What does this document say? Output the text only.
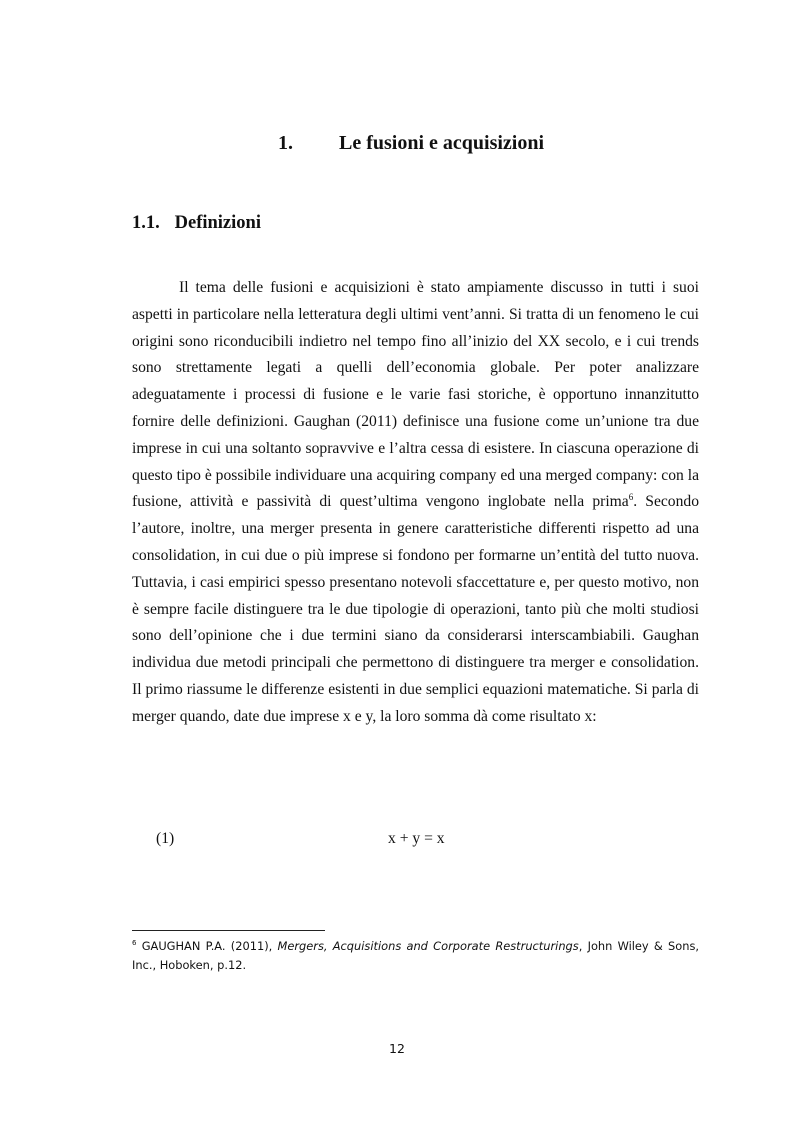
1. Le fusioni e acquisizioni
1.1. Definizioni

Il tema delle fusioni e acquisizioni è stato ampiamente discusso in tutti i suoi aspetti in particolare nella letteratura degli ultimi vent’anni. Si tratta di un fenomeno le cui origini sono riconducibili indietro nel tempo fino all’inizio del XX secolo, e i cui trends sono strettamente legati a quelli dell’economia globale. Per poter analizzare adeguatamente i processi di fusione e le varie fasi storiche, è opportuno innanzitutto fornire delle definizioni. Gaughan (2011) definisce una fusione come un’unione tra due imprese in cui una soltanto sopravvive e l’altra cessa di esistere. In ciascuna operazione di questo tipo è possibile individuare una acquiring company ed una merged company: con la fusione, attività e passività di quest’ultima vengono inglobate nella prima$^6$. Secondo l’autore, inoltre, una merger presenta in genere caratteristiche differenti rispetto ad una consolidation, in cui due o più imprese si fondono per formarne un’entità del tutto nuova. Tuttavia, i casi empirici spesso presentano notevoli sfaccettature e, per questo motivo, non è sempre facile distinguere tra le due tipologie di operazioni, tanto più che molti studiosi sono dell’opinione che i due termini siano da considerarsi interscambiabili. Gaughan individua due metodi principali che permettono di distinguere tra merger e consolidation. Il primo riassume le differenze esistenti in due semplici equazioni matematiche. Si parla di merger quando, date due imprese x e y, la loro somma dà come risultato x:

(1)	x + y = x

$^6$ GAUGHAN P.A. (2011), Mergers, Acquisitions and Corporate Restructurings, John Wiley & Sons, Inc., Hoboken, p.12.

12
